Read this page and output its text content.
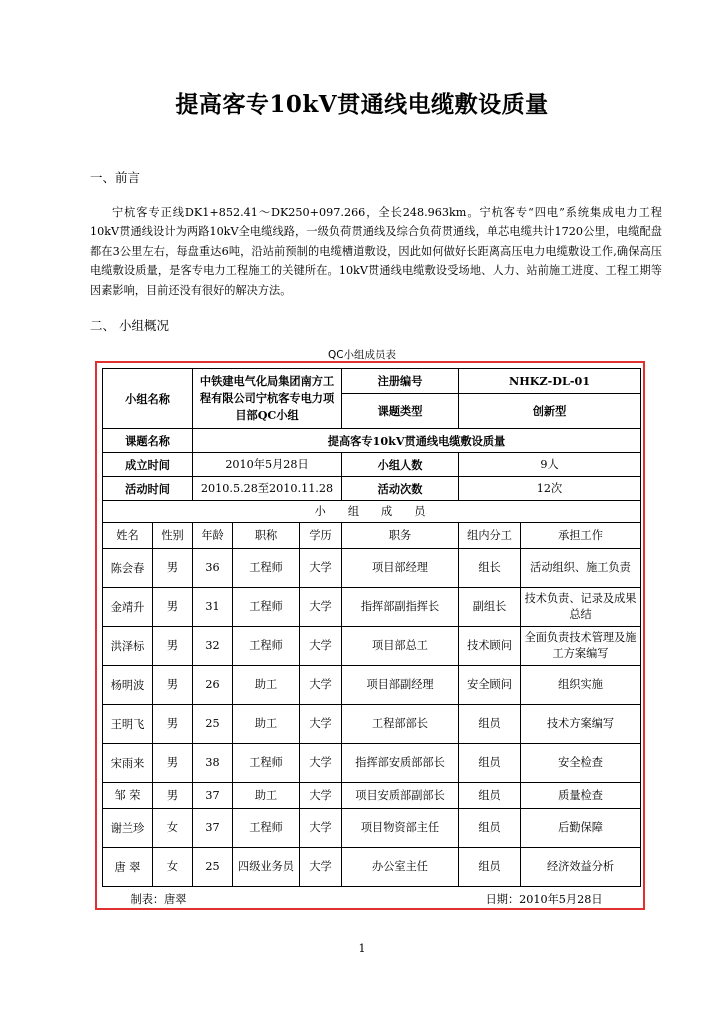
提高客专10kV贯通线电缆敷设质量
一、前言
宁杭客专正线DK1+852.41～DK250+097.266，全长248.963km。宁杭客专“四电”系统集成电力工程10kV贯通线设计为两路10kV全电缆线路，一级负荷贯通线及综合负荷贯通线，单芯电缆共计1720公里，电缆配盘都在3公里左右，每盘重达6吨，沿站前预制的电缆槽道敷设，因此如何做好长距离高压电力电缆敷设工作,确保高压电缆敷设质量，是客专电力工程施工的关键所在。10kV贯通线电缆敷设受场地、人力、站前施工进度、工程工期等因素影响，目前还没有很好的解决方法。
二、 小组概况
QC小组成员表
小组名称		中铁建电气化局集团南方工程有限公司宁杭客专电力项目部QC小组			注册编号	NHKZ-DL-01	
					课题类型	创新型	
课题名称		提高客专10kV贯通线电缆敷设质量					
成立时间		2010年5月28日			小组人数	9人	
活动时间		2010.5.28至2010.11.28			活动次数	12次	
小组成员							
姓名	性别	年龄	职称	学历	职务	组内分工	承担工作
陈会春	男	36	工程师	大学	项目部经理	组长	活动组织、施工负责
金靖升	男	31	工程师	大学	指挥部副指挥长	副组长	技术负责、记录及成果总结
洪泽标	男	32	工程师	大学	项目部总工	技术顾问	全面负责技术管理及施工方案编写
杨明波	男	26	助工	大学	项目部副经理	安全顾问	组织实施
王明飞	男	25	助工	大学	工程部部长	组员	技术方案编写
宋雨来	男	38	工程师	大学	指挥部安质部部长	组员	安全检查
邹 荣	男	37	助工	大学	项目安质部副部长	组员	质量检查
谢兰珍	女	37	工程师	大学	项目物资部主任	组员	后勤保障
唐 翠	女	25	四级业务员	大学	办公室主任	组员	经济效益分析
制表：唐翠 日期：2010年5月28日							
1
